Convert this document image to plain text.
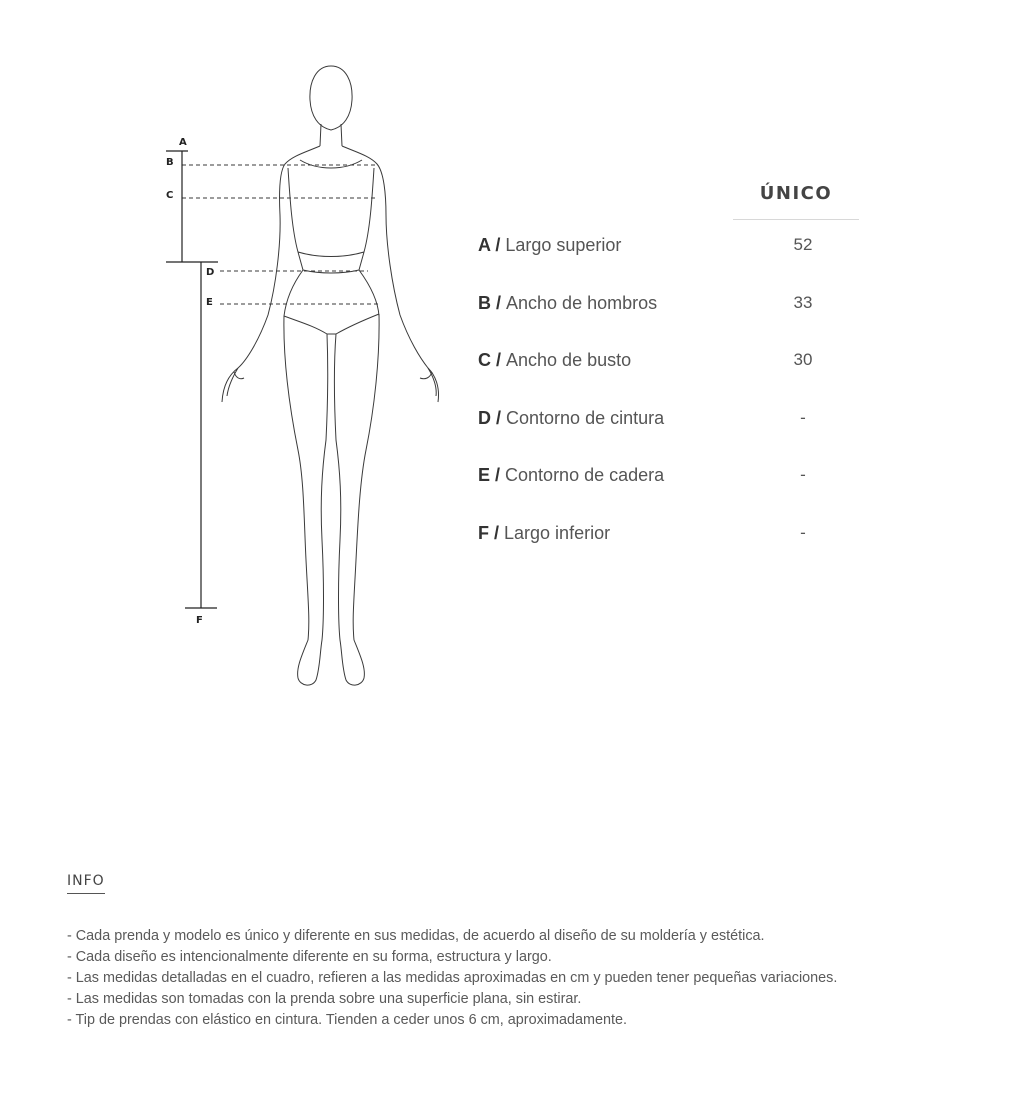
A
B
C
D
E
F
ÚNICO
A / Largo superior	52
B / Ancho de hombros	33
C / Ancho de busto	30
D / Contorno de cintura	-
E / Contorno de cadera	-
F / Largo inferior	-
INFO
- Cada prenda y modelo es único y diferente en sus medidas, de acuerdo al diseño de su moldería y estética.
- Cada diseño es intencionalmente diferente en su forma, estructura y largo.
- Las medidas detalladas en el cuadro, refieren a las medidas aproximadas en cm y pueden tener pequeñas variaciones.
- Las medidas son tomadas con la prenda sobre una superficie plana, sin estirar.
- Tip de prendas con elástico en cintura. Tienden a ceder unos 6 cm, aproximadamente.
